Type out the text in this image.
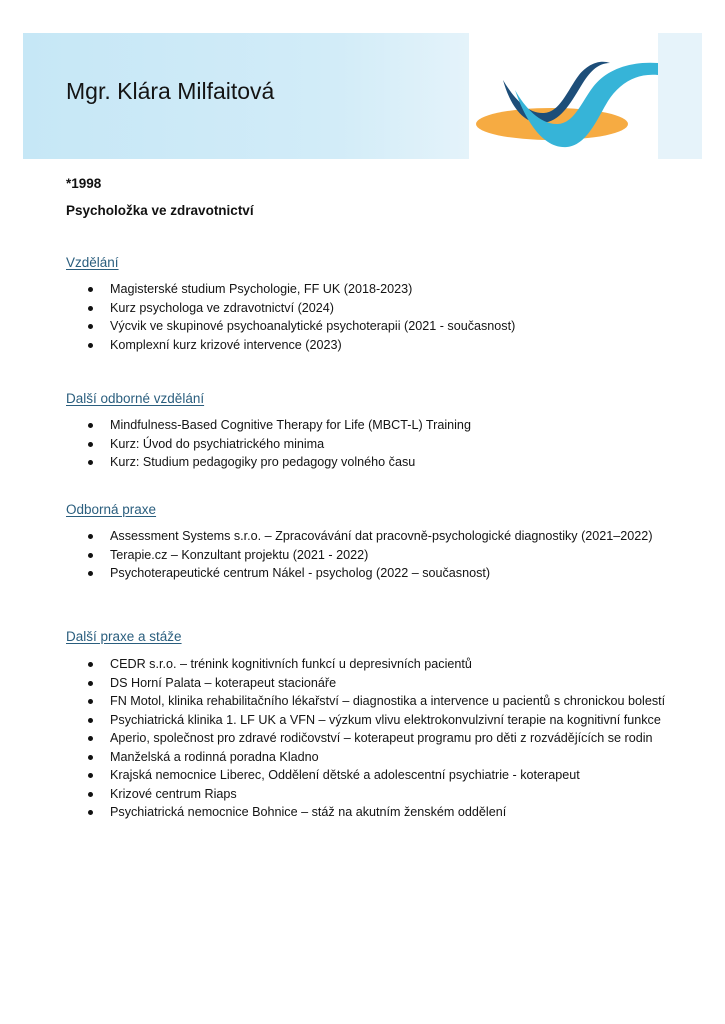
Mgr. Klára Milfaitová

*1998

Psycholožka ve zdravotnictví

Vzdělání
Magisterské studium Psychologie, FF UK (2018-2023)
Kurz psychologa ve zdravotnictví (2024)
Výcvik ve skupinové psychoanalytické psychoterapii (2021 - současnost)
Komplexní kurz krizové intervence (2023)
Další odborné vzdělání
Mindfulness-Based Cognitive Therapy for Life (MBCT-L) Training
Kurz: Úvod do psychiatrického minima
Kurz: Studium pedagogiky pro pedagogy volného času
Odborná praxe
Assessment Systems s.r.o. – Zpracovávání dat pracovně-psychologické diagnostiky (2021–2022)
Terapie.cz – Konzultant projektu (2021 - 2022)
Psychoterapeutické centrum Nákel - psycholog (2022 – současnost)
Další praxe a stáže
CEDR s.r.o. – trénink kognitivních funkcí u depresivních pacientů
DS Horní Palata – koterapeut stacionáře
FN Motol, klinika rehabilitačního lékařství – diagnostika a intervence u pacientů s chronickou bolestí
Psychiatrická klinika 1. LF UK a VFN – výzkum vlivu elektrokonvulzivní terapie na kognitivní funkce
Aperio, společnost pro zdravé rodičovství – koterapeut programu pro děti z rozvádějících se rodin
Manželská a rodinná poradna Kladno
Krajská nemocnice Liberec, Oddělení dětské a adolescentní psychiatrie - koterapeut
Krizové centrum Riaps
Psychiatrická nemocnice Bohnice – stáž na akutním ženském oddělení
